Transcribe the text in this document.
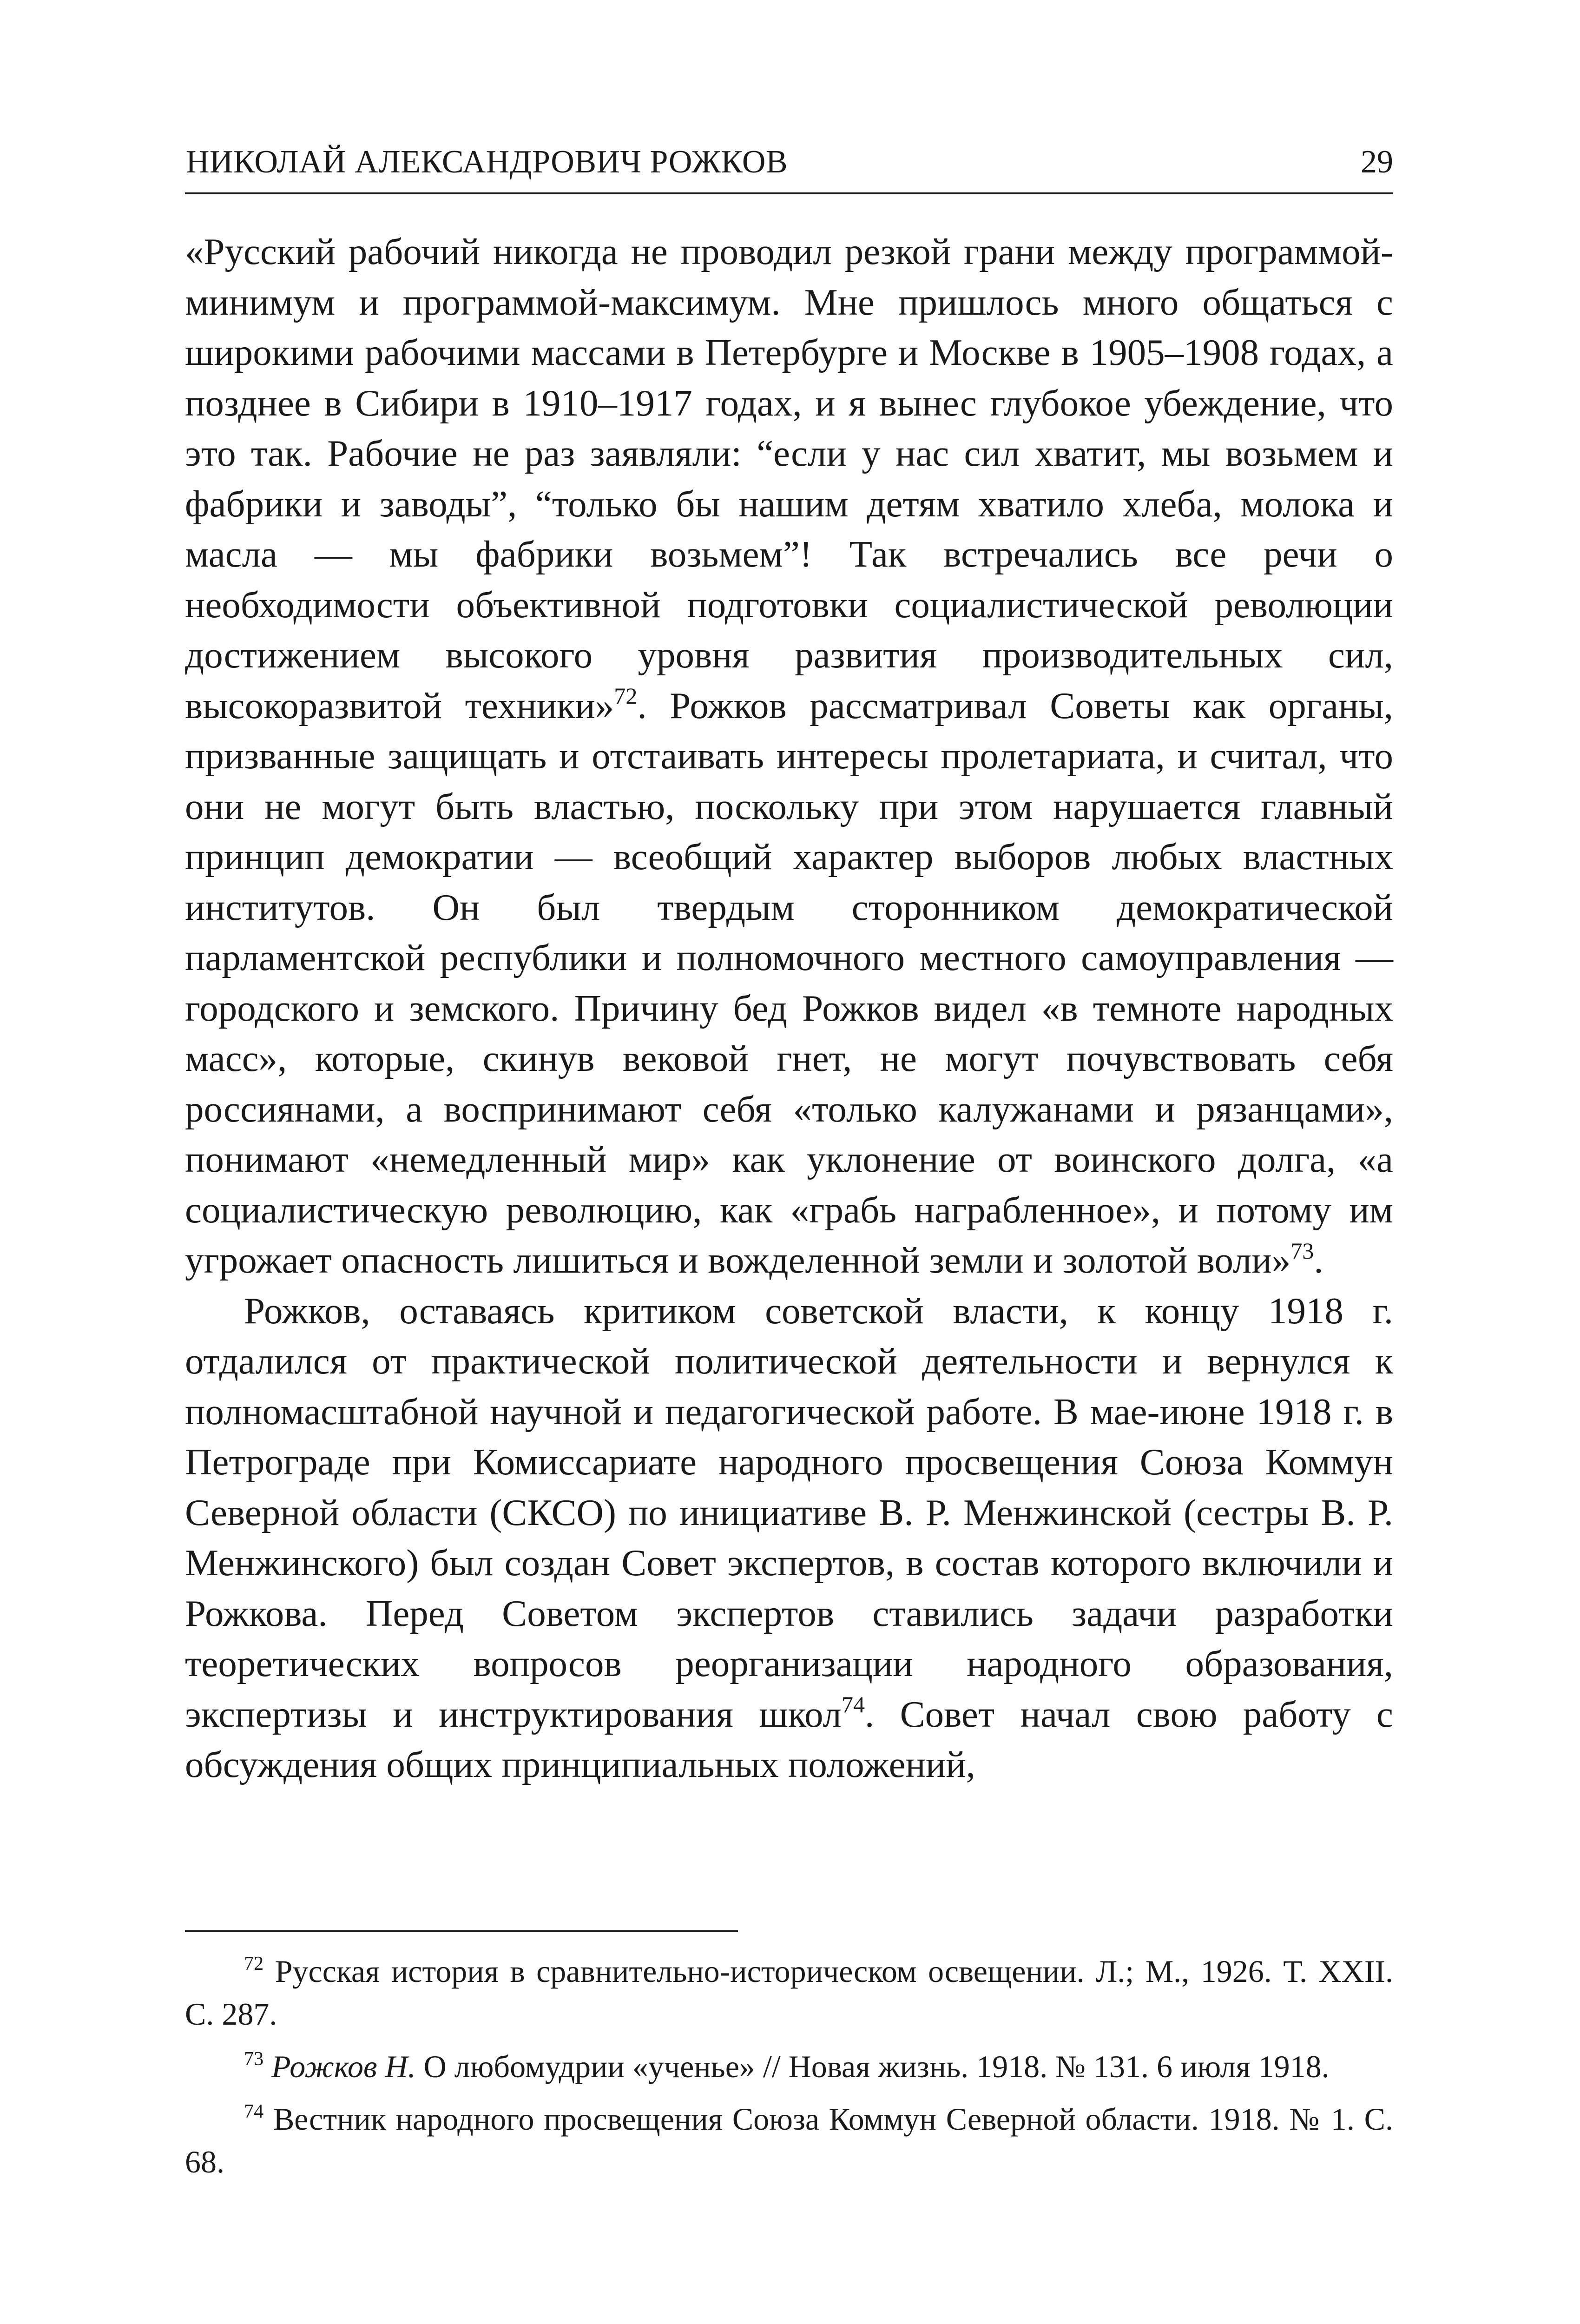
НИКОЛАЙ АЛЕКСАНДРОВИЧ РОЖКОВ	29

«Русский рабочий никогда не проводил резкой грани между программой-минимум и программой-максимум. Мне пришлось много общаться с широкими рабочими массами в Петербурге и Москве в 1905–1908 годах, а позднее в Сибири в 1910–1917 годах, и я вынес глубокое убеждение, что это так. Рабочие не раз заявляли: “если у нас сил хватит, мы возьмем и фабрики и заводы”, “только бы нашим детям хватило хлеба, молока и масла — мы фабрики возьмем”! Так встречались все речи о необходимости объективной подготовки социалистической революции достижением высокого уровня развития производительных сил, высокоразвитой техники»$^{72}$. Рожков рассматривал Советы как органы, призванные защищать и отстаивать интересы пролетариата, и считал, что они не могут быть властью, поскольку при этом нарушается главный принцип демократии — всеобщий характер выборов любых властных институтов. Он был твердым сторонником демократической парламентской республики и полномочного местного самоуправления — городского и земского. Причину бед Рожков видел «в темноте народных масс», которые, скинув вековой гнет, не могут почувствовать себя россиянами, а воспринимают себя «только калужанами и рязанцами», понимают «немедленный мир» как уклонение от воинского долга, «а социалистическую революцию, как «грабь награбленное», и потому им угрожает опасность лишиться и вожделенной земли и золотой воли»$^{73}$.

Рожков, оставаясь критиком советской власти, к концу 1918 г. отдалился от практической политической деятельности и вернулся к полномасштабной научной и педагогической работе. В мае-июне 1918 г. в Петрограде при Комиссариате народного просвещения Союза Коммун Северной области (СКСО) по инициативе В. Р. Менжинской (сестры В. Р. Менжинского) был создан Совет экспертов, в состав которого включили и Рожкова. Перед Советом экспертов ставились задачи разработки теоретических вопросов реорганизации народного образования, экспертизы и инструктирования школ$^{74}$. Совет начал свою работу с обсуждения общих принципиальных положений,

$^{72}$ Русская история в сравнительно-историческом освещении. Л.; М., 1926. Т. XXII. С. 287.

$^{73}$ Рожков Н. О любомудрии «ученье» // Новая жизнь. 1918. № 131. 6 июля 1918.

$^{74}$ Вестник народного просвещения Союза Коммун Северной области. 1918. № 1. С. 68.
